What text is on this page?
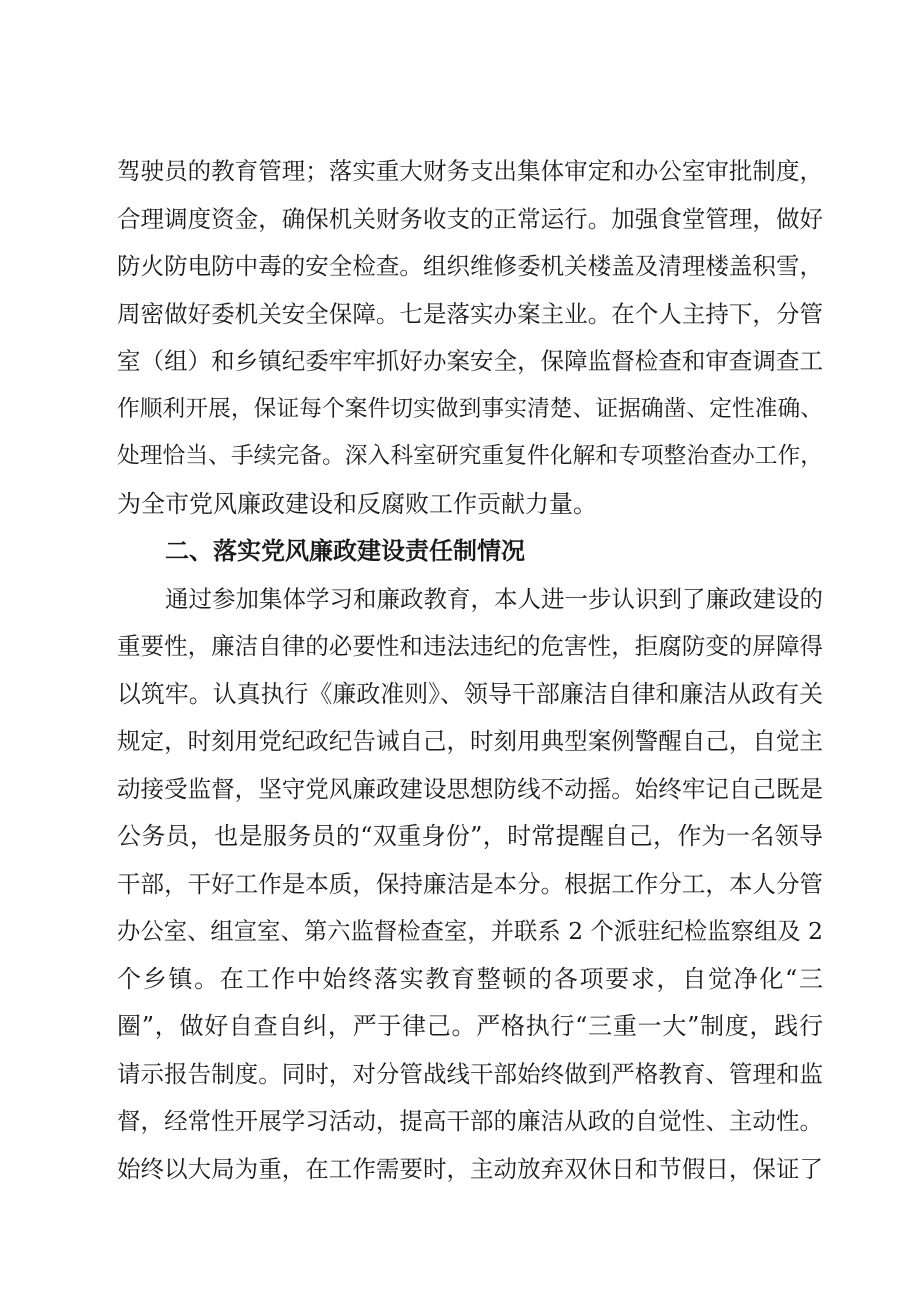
驾驶员的教育管理；落实重大财务支出集体审定和办公室审批制度，
合理调度资金，确保机关财务收支的正常运行。加强食堂管理，做好
防火防电防中毒的安全检查。组织维修委机关楼盖及清理楼盖积雪，
周密做好委机关安全保障。七是落实办案主业。在个人主持下，分管
室（组）和乡镇纪委牢牢抓好办案安全，保障监督检查和审查调查工
作顺利开展，保证每个案件切实做到事实清楚、证据确凿、定性准确、
处理恰当、手续完备。深入科室研究重复件化解和专项整治查办工作，
为全市党风廉政建设和反腐败工作贡献力量。
二、落实党风廉政建设责任制情况
通过参加集体学习和廉政教育，本人进一步认识到了廉政建设的
重要性，廉洁自律的必要性和违法违纪的危害性，拒腐防变的屏障得
以筑牢。认真执行《廉政准则》、领导干部廉洁自律和廉洁从政有关
规定，时刻用党纪政纪告诫自己，时刻用典型案例警醒自己，自觉主
动接受监督，坚守党风廉政建设思想防线不动摇。始终牢记自己既是
公务员，也是服务员的“双重身份”，时常提醒自己，作为一名领导
干部，干好工作是本质，保持廉洁是本分。根据工作分工，本人分管
办公室、组宣室、第六监督检查室，并联系 2 个派驻纪检监察组及 2
个乡镇。在工作中始终落实教育整顿的各项要求，自觉净化“三
圈”，做好自查自纠，严于律己。严格执行“三重一大”制度，践行
请示报告制度。同时，对分管战线干部始终做到严格教育、管理和监
督，经常性开展学习活动，提高干部的廉洁从政的自觉性、主动性。
始终以大局为重，在工作需要时，主动放弃双休日和节假日，保证了
